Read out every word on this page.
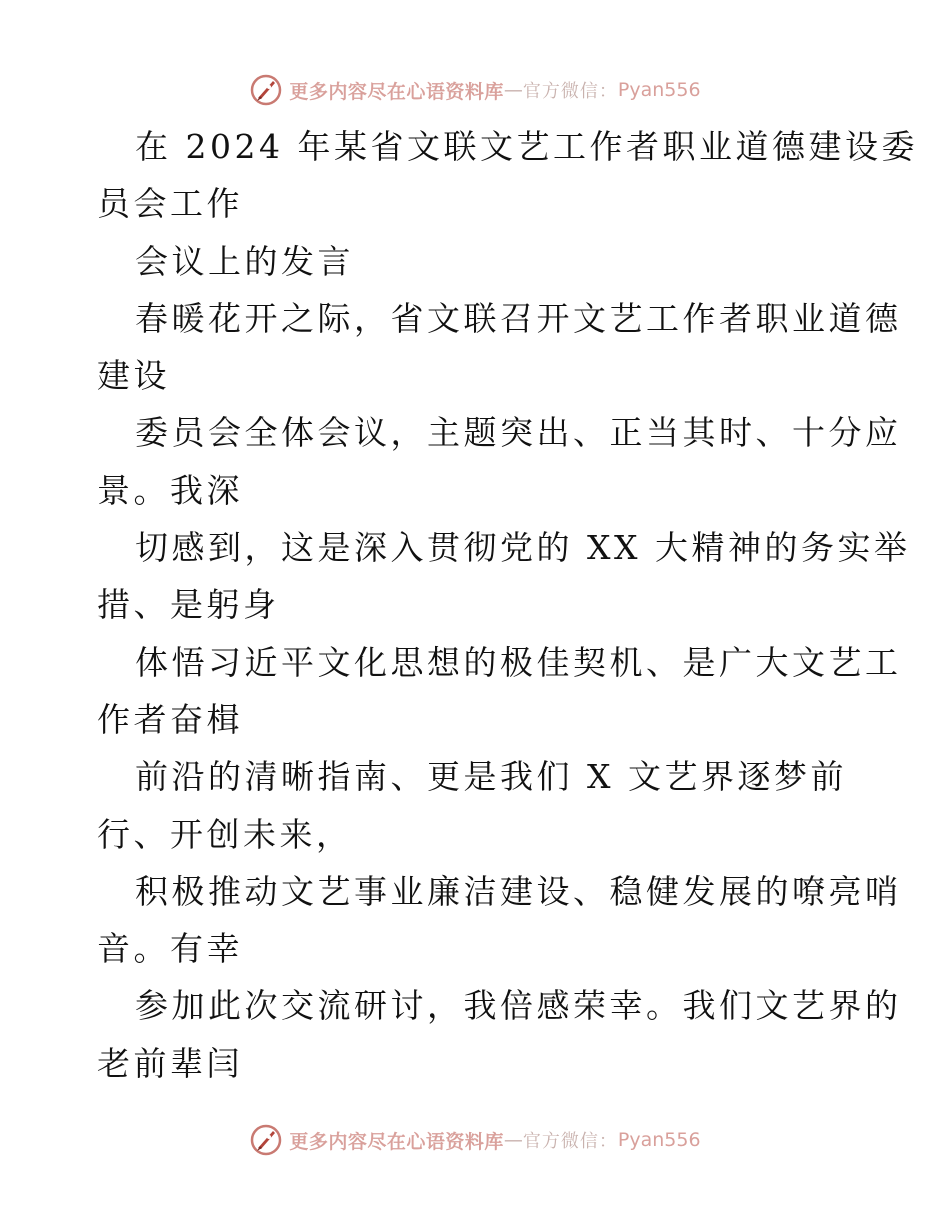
更多内容尽在心语资料库 — 官方微信： Pyan556
在 2024 年某省文联文艺工作者职业道德建设委
员会工作
会议上的发言
春暖花开之际，省文联召开文艺工作者职业道德
建设
委员会全体会议，主题突出、正当其时、十分应
景。我深
切感到，这是深入贯彻党的 XX 大精神的务实举
措、是躬身
体悟习近平文化思想的极佳契机、是广大文艺工
作者奋楫
前沿的清晰指南、更是我们 X 文艺界逐梦前
行、开创未来，
积极推动文艺事业廉洁建设、稳健发展的嘹亮哨
音。有幸
参加此次交流研讨，我倍感荣幸。我们文艺界的
老前辈闫
更多内容尽在心语资料库 — 官方微信： Pyan556
